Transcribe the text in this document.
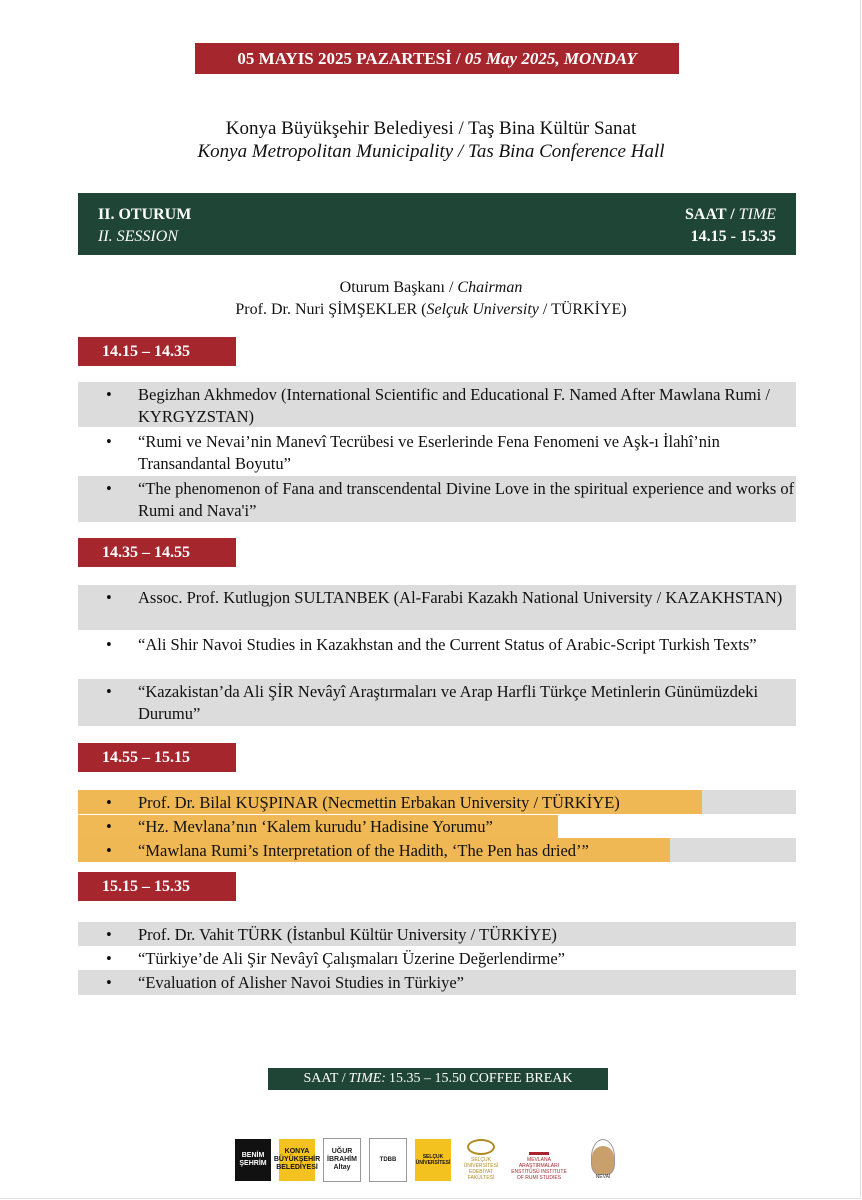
05 MAYIS 2025 PAZARTESİ / 05 May 2025, MONDAY
Konya Büyükşehir Belediyesi / Taş Bina Kültür Sanat
Konya Metropolitan Municipality / Tas Bina Conference Hall
II. OTURUM
II. SESSION
SAAT / TIME
14.15 - 15.35
Oturum Başkanı / Chairman
Prof. Dr. Nuri ŞİMŞEKLER (Selçuk University / TÜRKİYE)
14.15 – 14.35
• Begizhan Akhmedov (International Scientific and Educational F. Named After Mawlana Rumi / KYRGYZSTAN)
• “Rumi ve Nevai’nin Manevî Tecrübesi ve Eserlerinde Fena Fenomeni ve Aşk-ı İlahî’nin Transandantal Boyutu”
• “The phenomenon of Fana and transcendental Divine Love in the spiritual experience and works of Rumi and Nava'i”
14.35 – 14.55
• Assoc. Prof. Kutlugjon SULTANBEK (Al-Farabi Kazakh National University / KAZAKHSTAN)
• “Ali Shir Navoi Studies in Kazakhstan and the Current Status of Arabic-Script Turkish Texts”
• “Kazakistan’da Ali ŞİR Nevâyî Araştırmaları ve Arap Harfli Türkçe Metinlerin Günümüzdeki Durumu”
14.55 – 15.15
• Prof. Dr. Bilal KUŞPINAR (Necmettin Erbakan University / TÜRKİYE)
• “Hz. Mevlana’nın ‘Kalem kurudu’ Hadisine Yorumu”
• “Mawlana Rumi’s Interpretation of the Hadith, ‘The Pen has dried’”
15.15 – 15.35
• Prof. Dr. Vahit TÜRK (İstanbul Kültür University / TÜRKİYE)
• “Türkiye’de Ali Şir Nevâyî Çalışmaları Üzerine Değerlendirme”
• “Evaluation of Alisher Navoi Studies in Türkiye”
SAAT / TIME: 15.35 – 15.50 COFFEE BREAK
BENİM ŞEHRİM
KONYA BÜYÜKŞEHİR BELEDİYESİ
UĞUR İBRAHİM Altay
TDBB	SELÇUK ÜNİVERSİTESİ	SELÇUK ÜNİVERSİTESİ EDEBİYAT FAKÜLTESİ
MEVLANA ARAŞTIRMALARI ENSTİTÜSÜ INSTITUTE OF RUMI STUDIES	NEVAİ
